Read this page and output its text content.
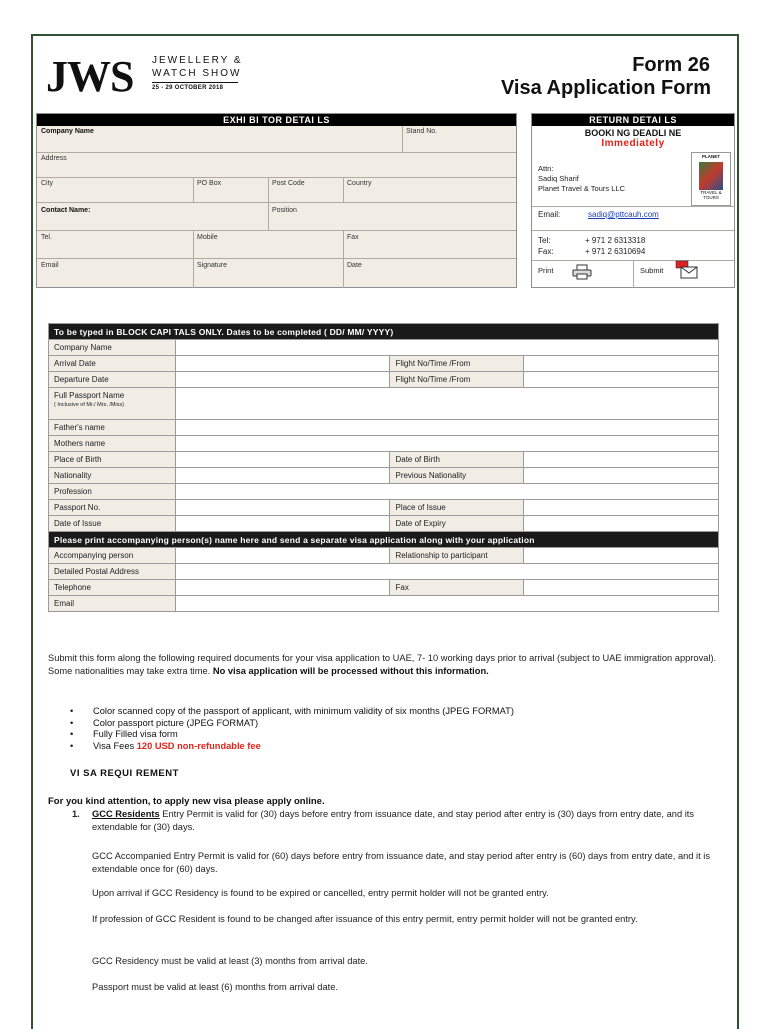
JWS JEWELLERY &
WATCH SHOW
25 - 29 OCTOBER 2018
Form 26
Visa Application Form
EXHI BI TOR DETAI LS
Company Name	Stand No.
Address
City	PO Box	Post Code	Country
Contact Name:	Position
Tel.	Mobile	Fax
Email	Signature	Date
RETURN DETAI LS
BOOKI NG DEADLI NE
Immediately
Attn:
Sadiq Sharif
Planet Travel & Tours LLC
PLANET
TRAVEL & TOURS
Email:	sadiq@pttcauh.com
Tel:	+ 971 2 6313318
Fax:	+ 971 2 6310694
Print	Submit
To be typed in BLOCK CAPI TALS ONLY. Dates to be completed ( DD/ MM/ YYYY)			
Company Name			
Arrival Date		Flight No/Time /From	
Departure Date		Flight No/Time /From	
Full Passport Name
( Inclusive of Mr./ Mrs. /Miss)			

Father's name			
Mothers name			
Place of Birth		Date of Birth	
Nationality		Previous Nationality	
Profession			
Passport No.		Place of Issue	
Date of Issue		Date of Expiry	
Please print accompanying person(s) name here and send a separate visa application along with your application			
Accompanying person		Relationship to participant	
Detailed Postal Address			
Telephone		Fax	
Email			
Submit this form along the following required documents for your visa application to UAE, 7- 10 working days prior to arrival (subject to UAE immigration approval). Some nationalities may take extra time. No visa application will be processed without this information.
• Color scanned copy of the passport of applicant, with minimum validity of six months (JPEG FORMAT)
• Color passport picture (JPEG FORMAT)
• Fully Filled visa form
• Visa Fees 120 USD non-refundable fee
VI SA REQUI REMENT
For you kind attention, to apply new visa please apply online.
1.	GCC Residents Entry Permit is valid for (30) days before entry from issuance date, and stay period after entry is (30) days from entry date, and its extendable for (30) days.
GCC Accompanied Entry Permit is valid for (60) days before entry from issuance date, and stay period after entry is (60) days from entry date, and it is extendable once for (60) days.
Upon arrival if GCC Residency is found to be expired or cancelled, entry permit holder will not be granted entry.
If profession of GCC Resident is found to be changed after issuance of this entry permit, entry permit holder will not be granted entry.
GCC Residency must be valid at least (3) months from arrival date.
Passport must be valid at least (6) months from arrival date.
